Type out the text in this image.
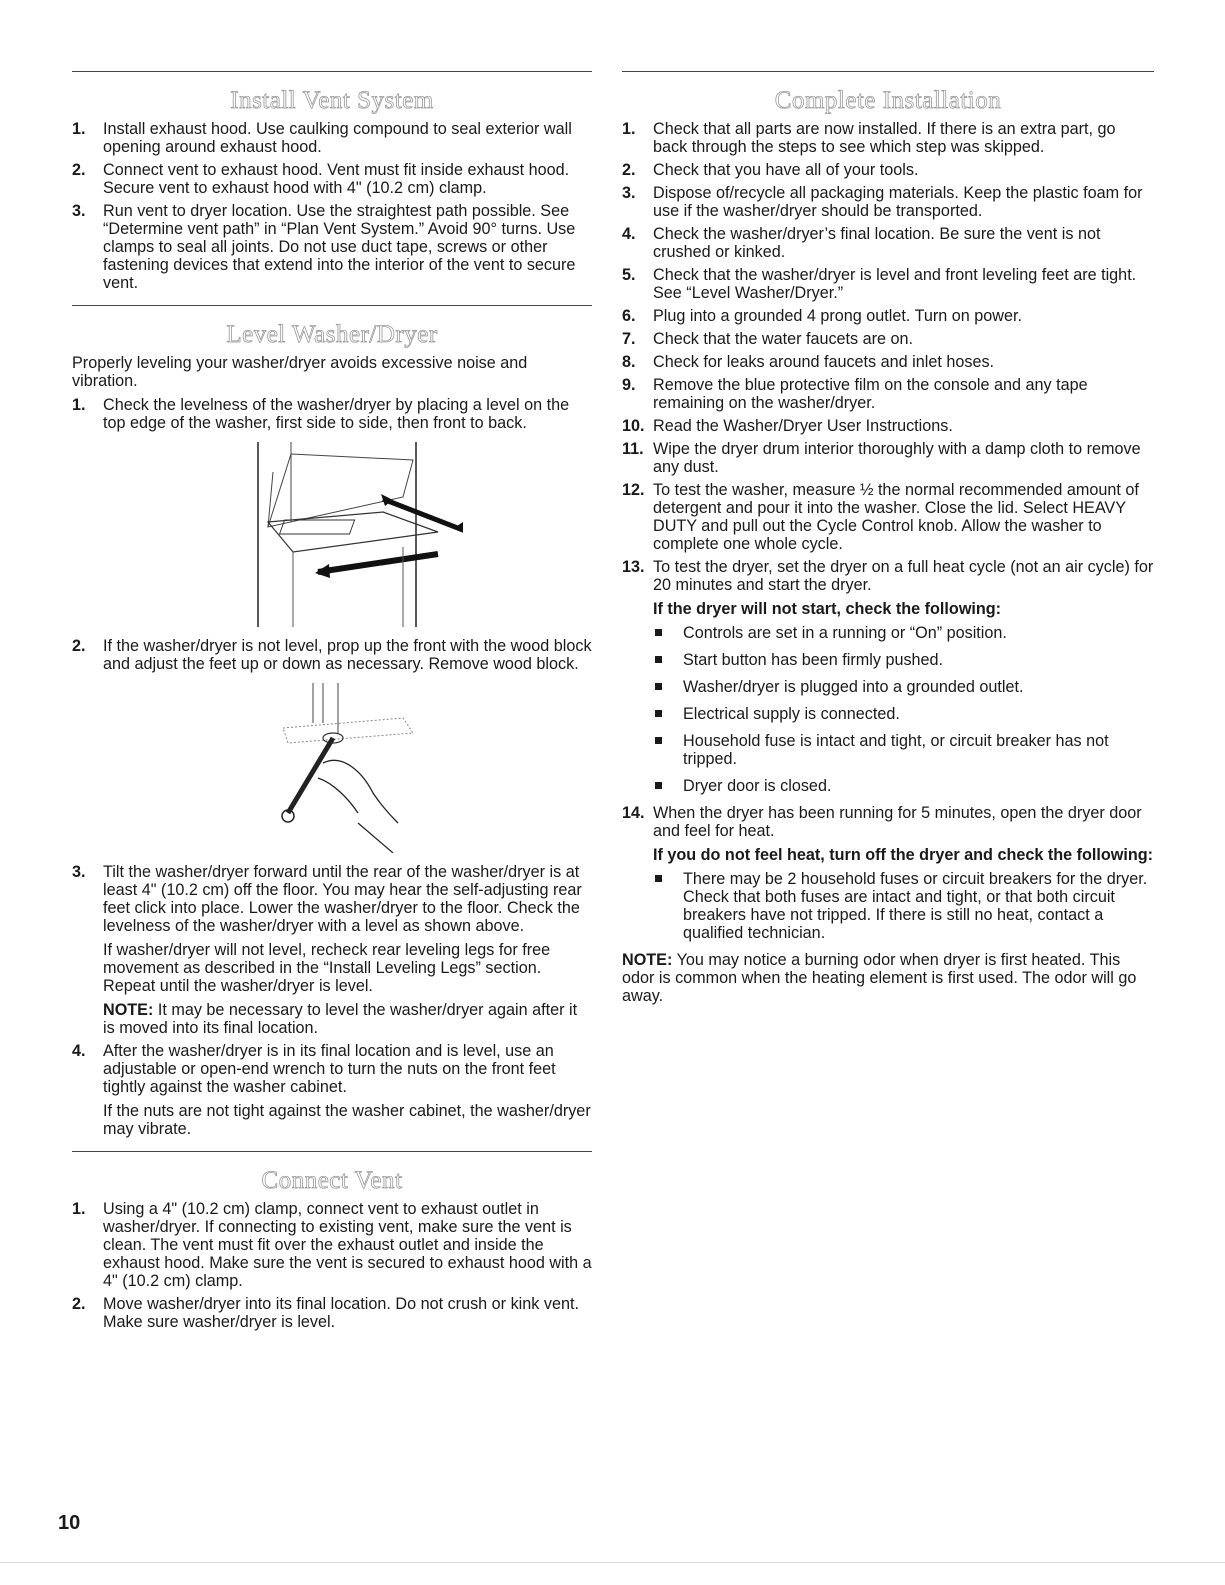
Install Vent System
1. Install exhaust hood. Use caulking compound to seal exterior wall opening around exhaust hood.
2. Connect vent to exhaust hood. Vent must fit inside exhaust hood. Secure vent to exhaust hood with 4" (10.2 cm) clamp.
3. Run vent to dryer location. Use the straightest path possible. See “Determine vent path” in “Plan Vent System.” Avoid 90° turns. Use clamps to seal all joints. Do not use duct tape, screws or other fastening devices that extend into the interior of the vent to secure vent.
Level Washer/Dryer

Properly leveling your washer/dryer avoids excessive noise and vibration.

1. Check the levelness of the washer/dryer by placing a level on the top edge of the washer, first side to side, then front to back.
2. If the washer/dryer is not level, prop up the front with the wood block and adjust the feet up or down as necessary. Remove wood block.
3. Tilt the washer/dryer forward until the rear of the washer/dryer is at least 4" (10.2 cm) off the floor. You may hear the self-adjusting rear feet click into place. Lower the washer/dryer to the floor. Check the levelness of the washer/dryer with a level as shown above.
If washer/dryer will not level, recheck rear leveling legs for free movement as described in the “Install Leveling Legs” section. Repeat until the washer/dryer is level.
NOTE: It may be necessary to level the washer/dryer again after it is moved into its final location.
4. After the washer/dryer is in its final location and is level, use an adjustable or open-end wrench to turn the nuts on the front feet tightly against the washer cabinet.
If the nuts are not tight against the washer cabinet, the washer/dryer may vibrate.
Connect Vent
1. Using a 4" (10.2 cm) clamp, connect vent to exhaust outlet in washer/dryer. If connecting to existing vent, make sure the vent is clean. The vent must fit over the exhaust outlet and inside the exhaust hood. Make sure the vent is secured to exhaust hood with a 4" (10.2 cm) clamp.
2. Move washer/dryer into its final location. Do not crush or kink vent. Make sure washer/dryer is level.
Complete Installation
1. Check that all parts are now installed. If there is an extra part, go back through the steps to see which step was skipped.
2. Check that you have all of your tools.
3. Dispose of/recycle all packaging materials. Keep the plastic foam for use if the washer/dryer should be transported.
4. Check the washer/dryer’s final location. Be sure the vent is not crushed or kinked.
5. Check that the washer/dryer is level and front leveling feet are tight. See “Level Washer/Dryer.”
6. Plug into a grounded 4 prong outlet. Turn on power.
7. Check that the water faucets are on.
8. Check for leaks around faucets and inlet hoses.
9. Remove the blue protective film on the console and any tape remaining on the washer/dryer.
10. Read the Washer/Dryer User Instructions.
11. Wipe the dryer drum interior thoroughly with a damp cloth to remove any dust.
12. To test the washer, measure ½ the normal recommended amount of detergent and pour it into the washer. Close the lid. Select HEAVY DUTY and pull out the Cycle Control knob. Allow the washer to complete one whole cycle.
13. To test the dryer, set the dryer on a full heat cycle (not an air cycle) for 20 minutes and start the dryer.
If the dryer will not start, check the following:
Controls are set in a running or “On” position.
Start button has been firmly pushed.
Washer/dryer is plugged into a grounded outlet.
Electrical supply is connected.
Household fuse is intact and tight, or circuit breaker has not tripped.
Dryer door is closed.
14. When the dryer has been running for 5 minutes, open the dryer door and feel for heat.
If you do not feel heat, turn off the dryer and check the following:
There may be 2 household fuses or circuit breakers for the dryer. Check that both fuses are intact and tight, or that both circuit breakers have not tripped. If there is still no heat, contact a qualified technician.
NOTE: You may notice a burning odor when dryer is first heated. This odor is common when the heating element is first used. The odor will go away.
10
